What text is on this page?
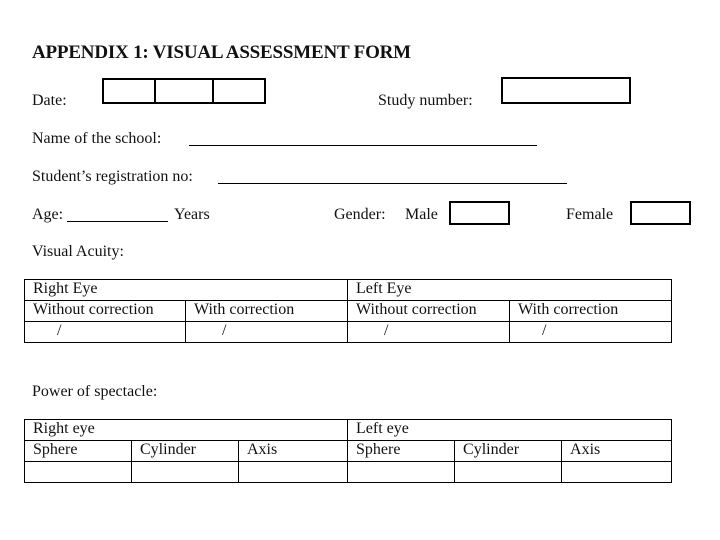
APPENDIX 1: VISUAL ASSESSMENT FORM
Date:	Study number:
Name of the school:
Student’s registration no:
Age:	Years	Gender: Male	Female
Visual Acuity:
Right Eye		Left Eye	
Without correction	With correction	Without correction	With correction
/	/	/	/
Power of spectacle:
Right eye			Left eye		
Sphere	Cylinder	Axis	Sphere	Cylinder	Axis
